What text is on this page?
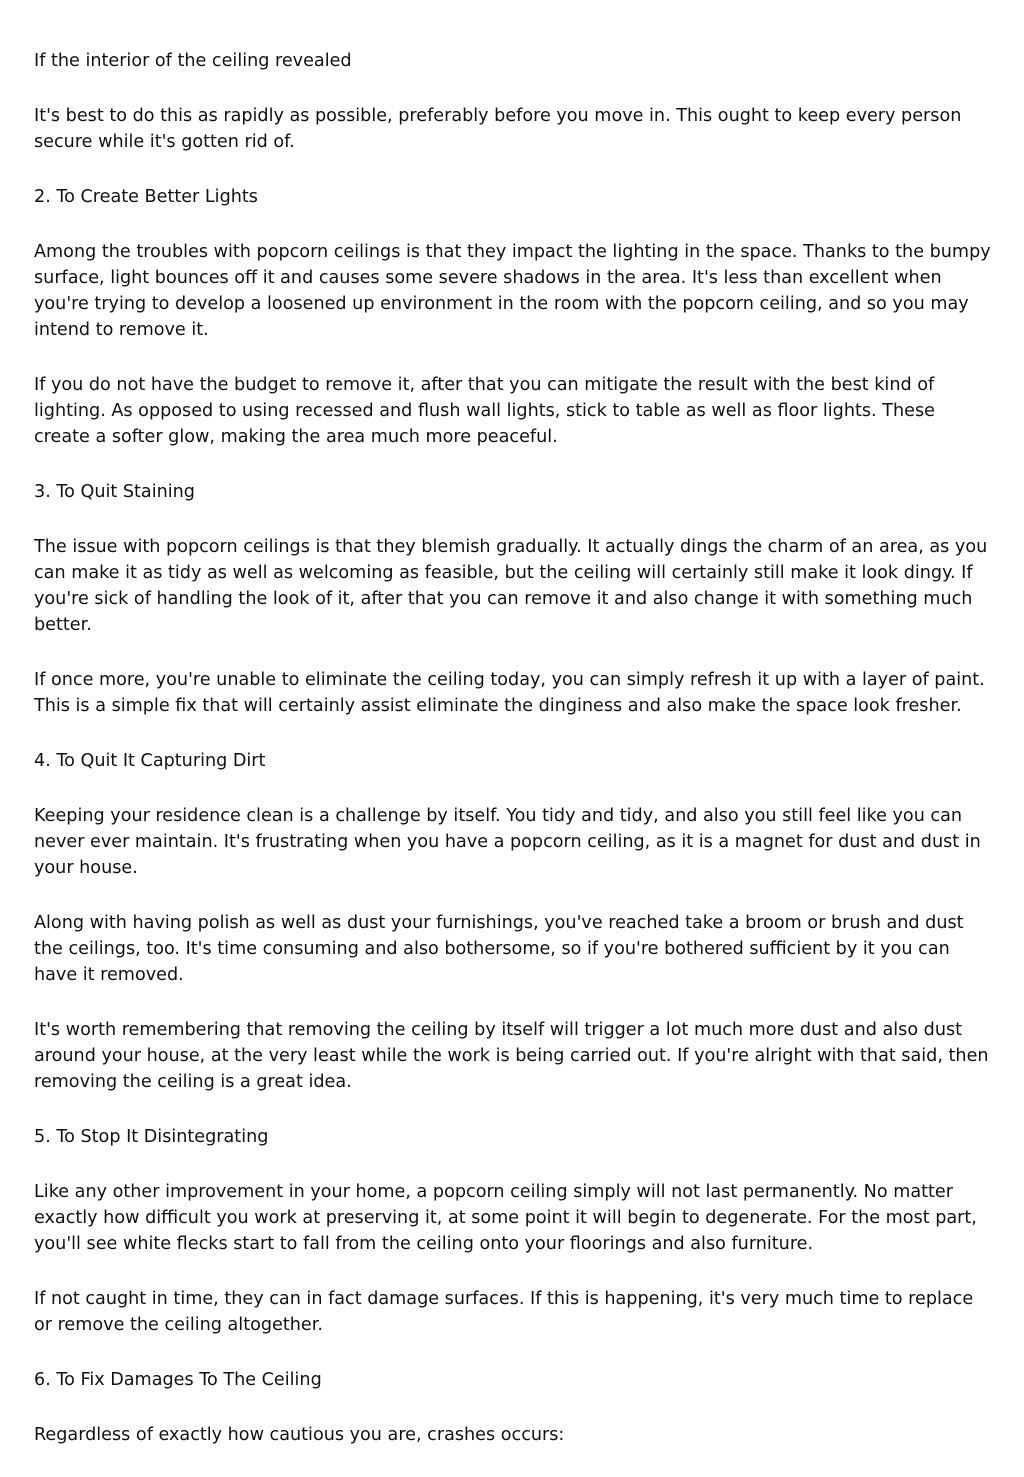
If the interior of the ceiling revealed

It's best to do this as rapidly as possible, preferably before you move in. This ought to keep every person secure while it's gotten rid of.

2. To Create Better Lights

Among the troubles with popcorn ceilings is that they impact the lighting in the space. Thanks to the bumpy surface, light bounces off it and causes some severe shadows in the area. It's less than excellent when you're trying to develop a loosened up environment in the room with the popcorn ceiling, and so you may intend to remove it.

If you do not have the budget to remove it, after that you can mitigate the result with the best kind of lighting. As opposed to using recessed and flush wall lights, stick to table as well as floor lights. These create a softer glow, making the area much more peaceful.

3. To Quit Staining

The issue with popcorn ceilings is that they blemish gradually. It actually dings the charm of an area, as you can make it as tidy as well as welcoming as feasible, but the ceiling will certainly still make it look dingy. If you're sick of handling the look of it, after that you can remove it and also change it with something much better.

If once more, you're unable to eliminate the ceiling today, you can simply refresh it up with a layer of paint. This is a simple fix that will certainly assist eliminate the dinginess and also make the space look fresher.

4. To Quit It Capturing Dirt

Keeping your residence clean is a challenge by itself. You tidy and tidy, and also you still feel like you can never ever maintain. It's frustrating when you have a popcorn ceiling, as it is a magnet for dust and dust in your house.

Along with having polish as well as dust your furnishings, you've reached take a broom or brush and dust the ceilings, too. It's time consuming and also bothersome, so if you're bothered sufficient by it you can have it removed.

It's worth remembering that removing the ceiling by itself will trigger a lot much more dust and also dust around your house, at the very least while the work is being carried out. If you're alright with that said, then removing the ceiling is a great idea.

5. To Stop It Disintegrating

Like any other improvement in your home, a popcorn ceiling simply will not last permanently. No matter exactly how difficult you work at preserving it, at some point it will begin to degenerate. For the most part, you'll see white flecks start to fall from the ceiling onto your floorings and also furniture.

If not caught in time, they can in fact damage surfaces. If this is happening, it's very much time to replace or remove the ceiling altogether.

6. To Fix Damages To The Ceiling

Regardless of exactly how cautious you are, crashes occurs:
